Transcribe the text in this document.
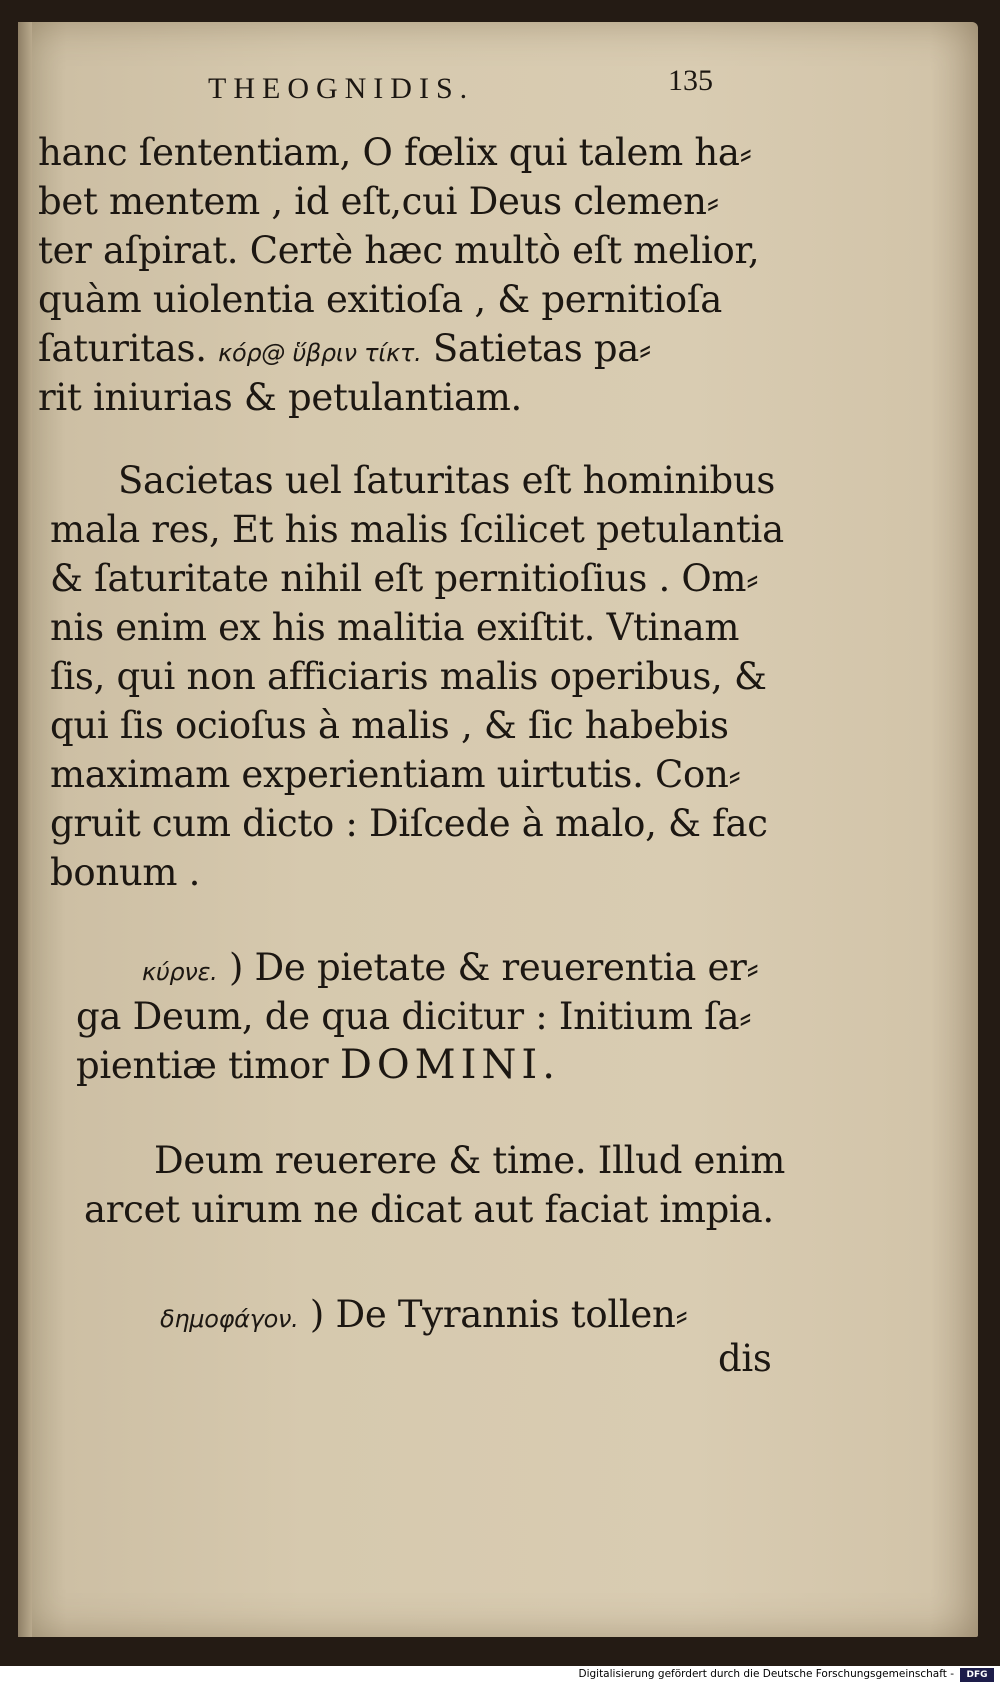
THEOGNIDIS.	135
hanc ſententiam, O fœlix qui talem ha⸗
bet mentem , id eſt,cui Deus clemen⸗
ter aſpirat. Certè hæc multò eſt melior,
quàm uiolentia exitioſa , & pernitioſa
ſaturitas. κόρ@ ὕβριν τίκτ. Satietas pa⸗
rit iniurias & petulantiam.
Sacietas uel ſaturitas eſt hominibus
mala res, Et his malis ſcilicet petulantia
& ſaturitate nihil eſt pernitioſius . Om⸗
nis enim ex his malitia exiſtit. Vtinam
ſis, qui non afficiaris malis operibus, &
qui ſis ocioſus à malis , & ſic habebis
maximam experientiam uirtutis. Con⸗
gruit cum dicto : Diſcede à malo, & fac
bonum .
κύρνε. ) De pietate & reuerentia er⸗
ga Deum, de qua dicitur : Initium ſa⸗
pientiæ timor DOMINI.
Deum reuerere & time. Illud enim
arcet uirum ne dicat aut faciat impia.
δημοφάγον. ) De Tyrannis tollen⸗
dis
Digitalisierung gefördert durch die Deutsche Forschungsgemeinschaft -	DFG
